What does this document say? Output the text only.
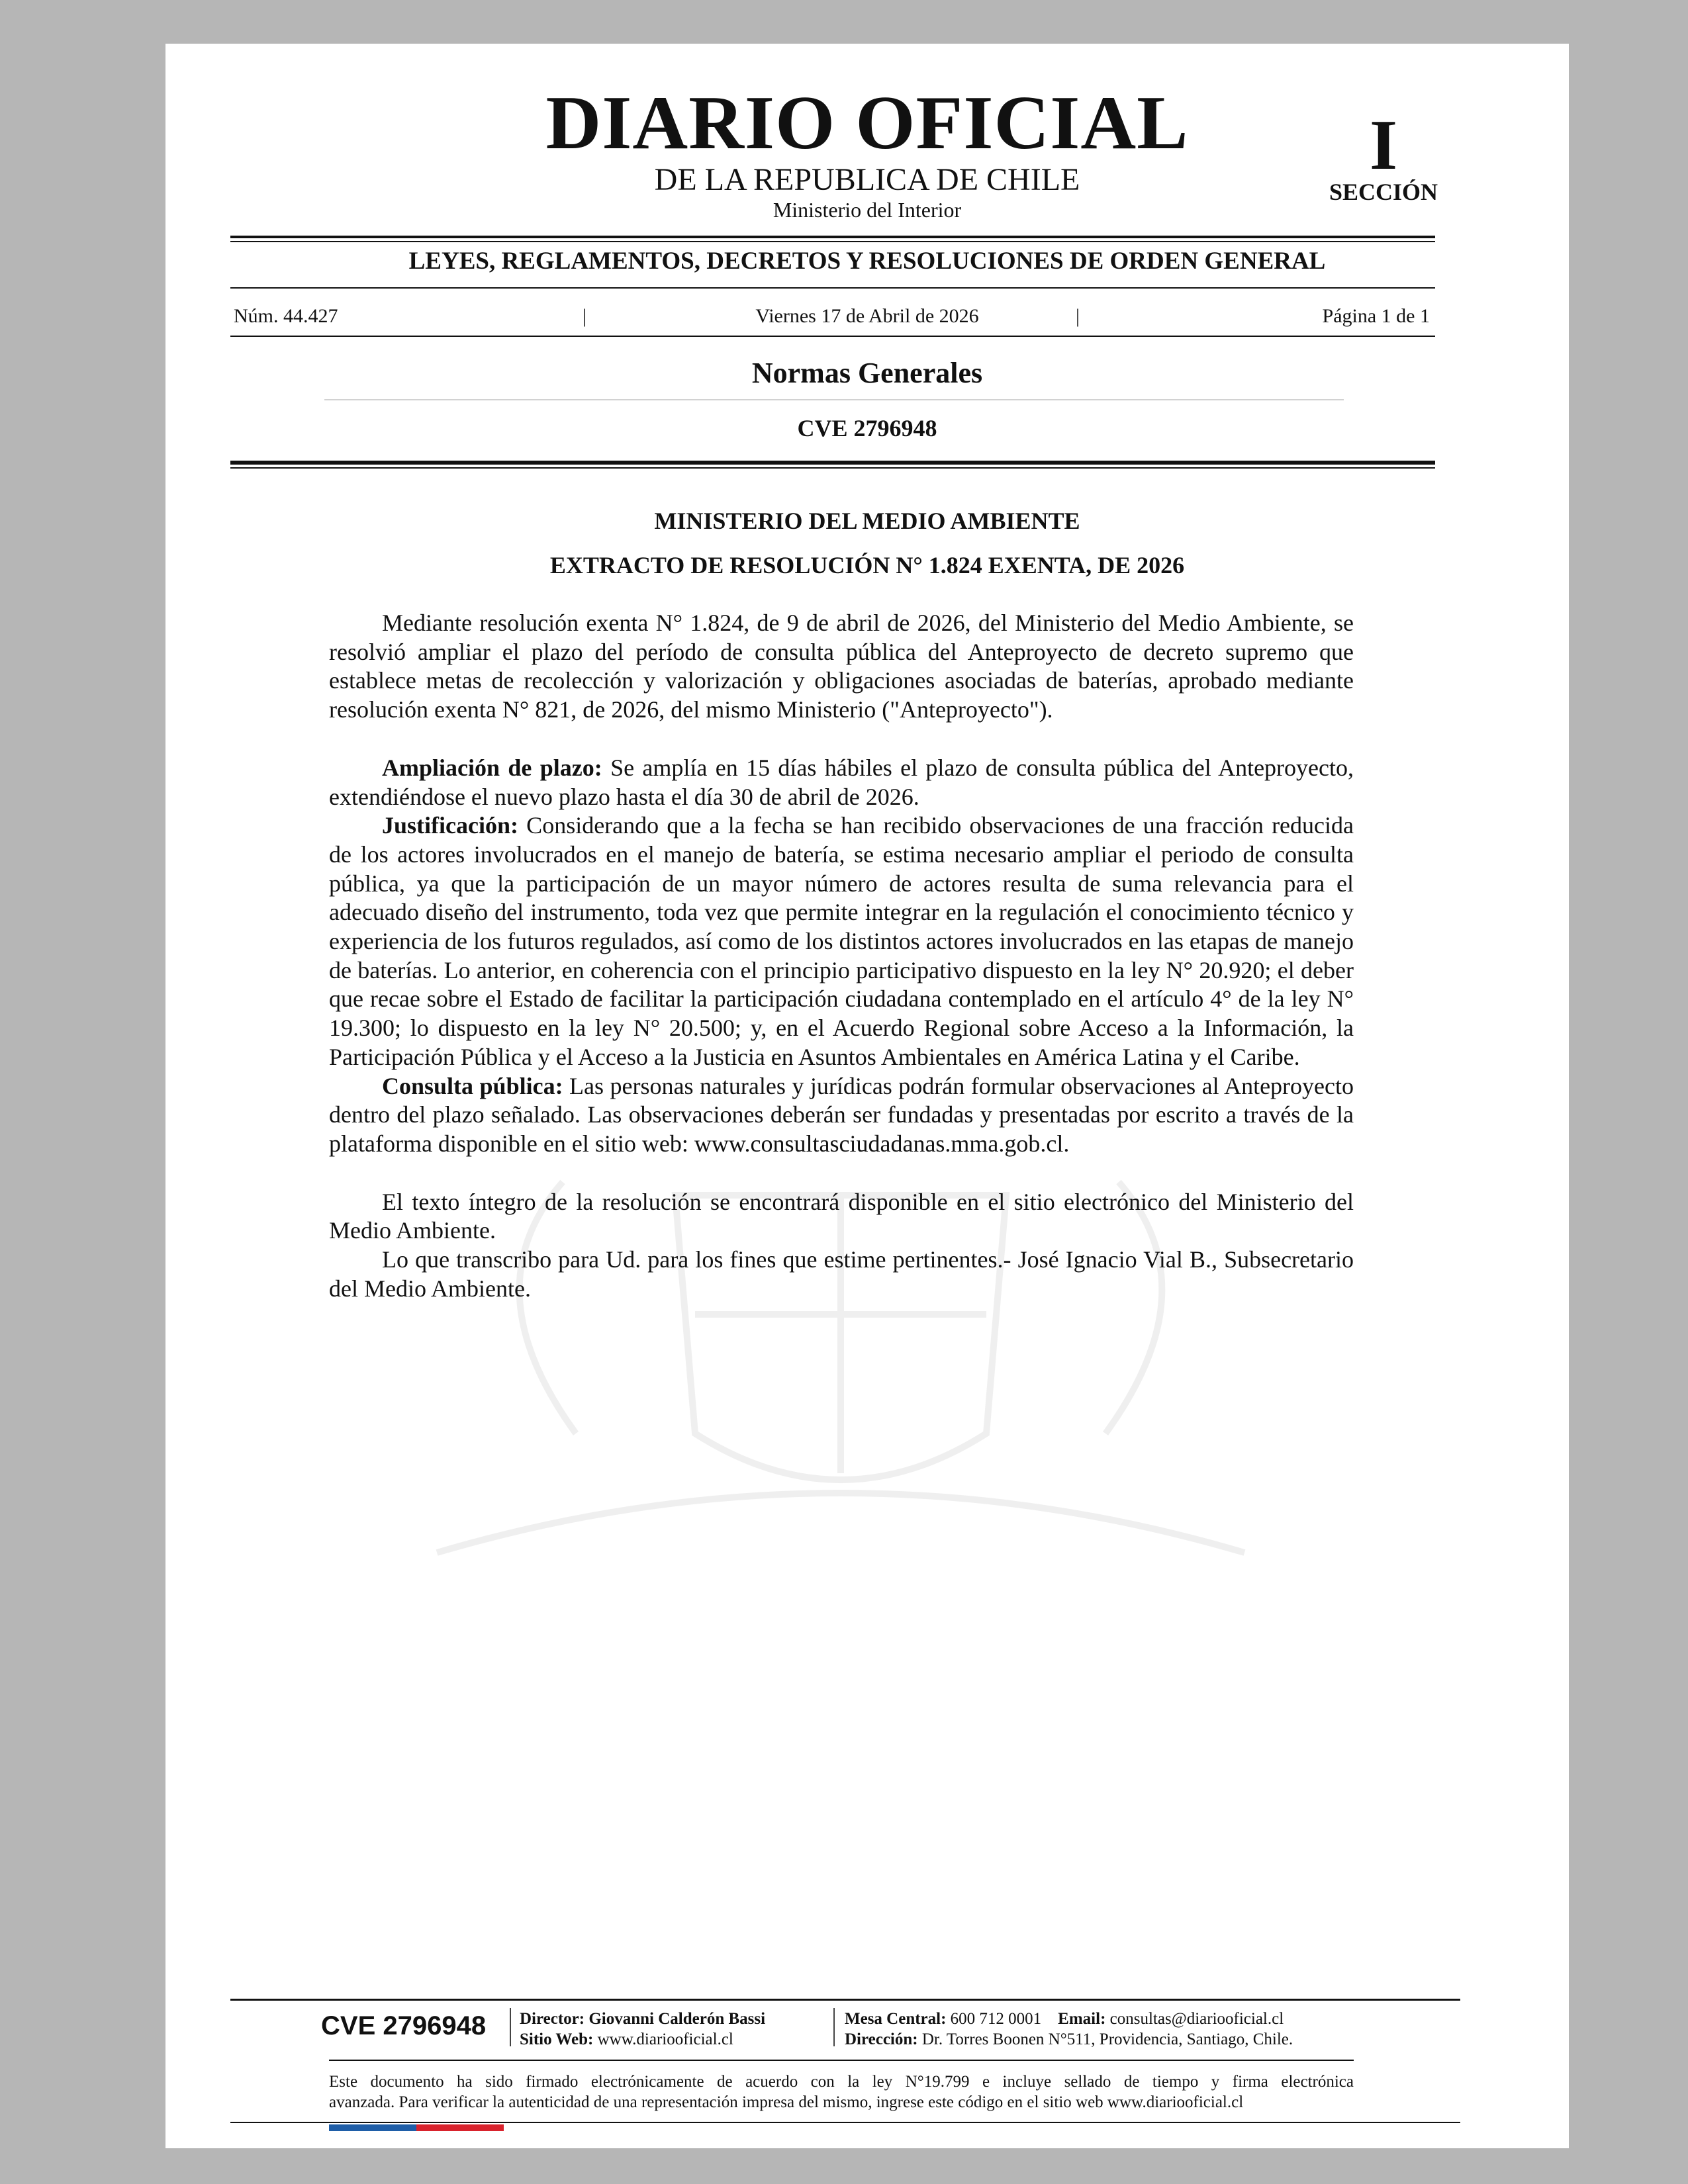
DIARIO OFICIAL
DE LA REPUBLICA DE CHILE
Ministerio del Interior
I
SECCIÓN
LEYES, REGLAMENTOS, DECRETOS Y RESOLUCIONES DE ORDEN GENERAL
Núm. 44.427	|	Viernes 17 de Abril de 2026	|	Página 1 de 1
Normas Generales
CVE 2796948
MINISTERIO DEL MEDIO AMBIENTE
EXTRACTO DE RESOLUCIÓN N° 1.824 EXENTA, DE 2026

Mediante resolución exenta N° 1.824, de 9 de abril de 2026, del Ministerio del Medio Ambiente, se resolvió ampliar el plazo del período de consulta pública del Anteproyecto de decreto supremo que establece metas de recolección y valorización y obligaciones asociadas de baterías, aprobado mediante resolución exenta N° 821, de 2026, del mismo Ministerio ("Anteproyecto").

Ampliación de plazo: Se amplía en 15 días hábiles el plazo de consulta pública del Anteproyecto, extendiéndose el nuevo plazo hasta el día 30 de abril de 2026.

Justificación: Considerando que a la fecha se han recibido observaciones de una fracción reducida de los actores involucrados en el manejo de batería, se estima necesario ampliar el periodo de consulta pública, ya que la participación de un mayor número de actores resulta de suma relevancia para el adecuado diseño del instrumento, toda vez que permite integrar en la regulación el conocimiento técnico y experiencia de los futuros regulados, así como de los distintos actores involucrados en las etapas de manejo de baterías. Lo anterior, en coherencia con el principio participativo dispuesto en la ley N° 20.920; el deber que recae sobre el Estado de facilitar la participación ciudadana contemplado en el artículo 4° de la ley N° 19.300; lo dispuesto en la ley N° 20.500; y, en el Acuerdo Regional sobre Acceso a la Información, la Participación Pública y el Acceso a la Justicia en Asuntos Ambientales en América Latina y el Caribe.

Consulta pública: Las personas naturales y jurídicas podrán formular observaciones al Anteproyecto dentro del plazo señalado. Las observaciones deberán ser fundadas y presentadas por escrito a través de la plataforma disponible en el sitio web: www.consultasciudadanas.mma.gob.cl.

El texto íntegro de la resolución se encontrará disponible en el sitio electrónico del Ministerio del Medio Ambiente.

Lo que transcribo para Ud. para los fines que estime pertinentes.- José Ignacio Vial B., Subsecretario del Medio Ambiente.

CVE 2796948 Director: Giovanni Calderón Bassi
Sitio Web: www.diariooficial.cl
Mesa Central: 600 712 0001 Email: consultas@diariooficial.cl
Dirección: Dr. Torres Boonen N°511, Providencia, Santiago, Chile.
Este documento ha sido firmado electrónicamente de acuerdo con la ley N°19.799 e incluye sellado de tiempo y firma electrónica
avanzada. Para verificar la autenticidad de una representación impresa del mismo, ingrese este código en el sitio web www.diariooficial.cl
